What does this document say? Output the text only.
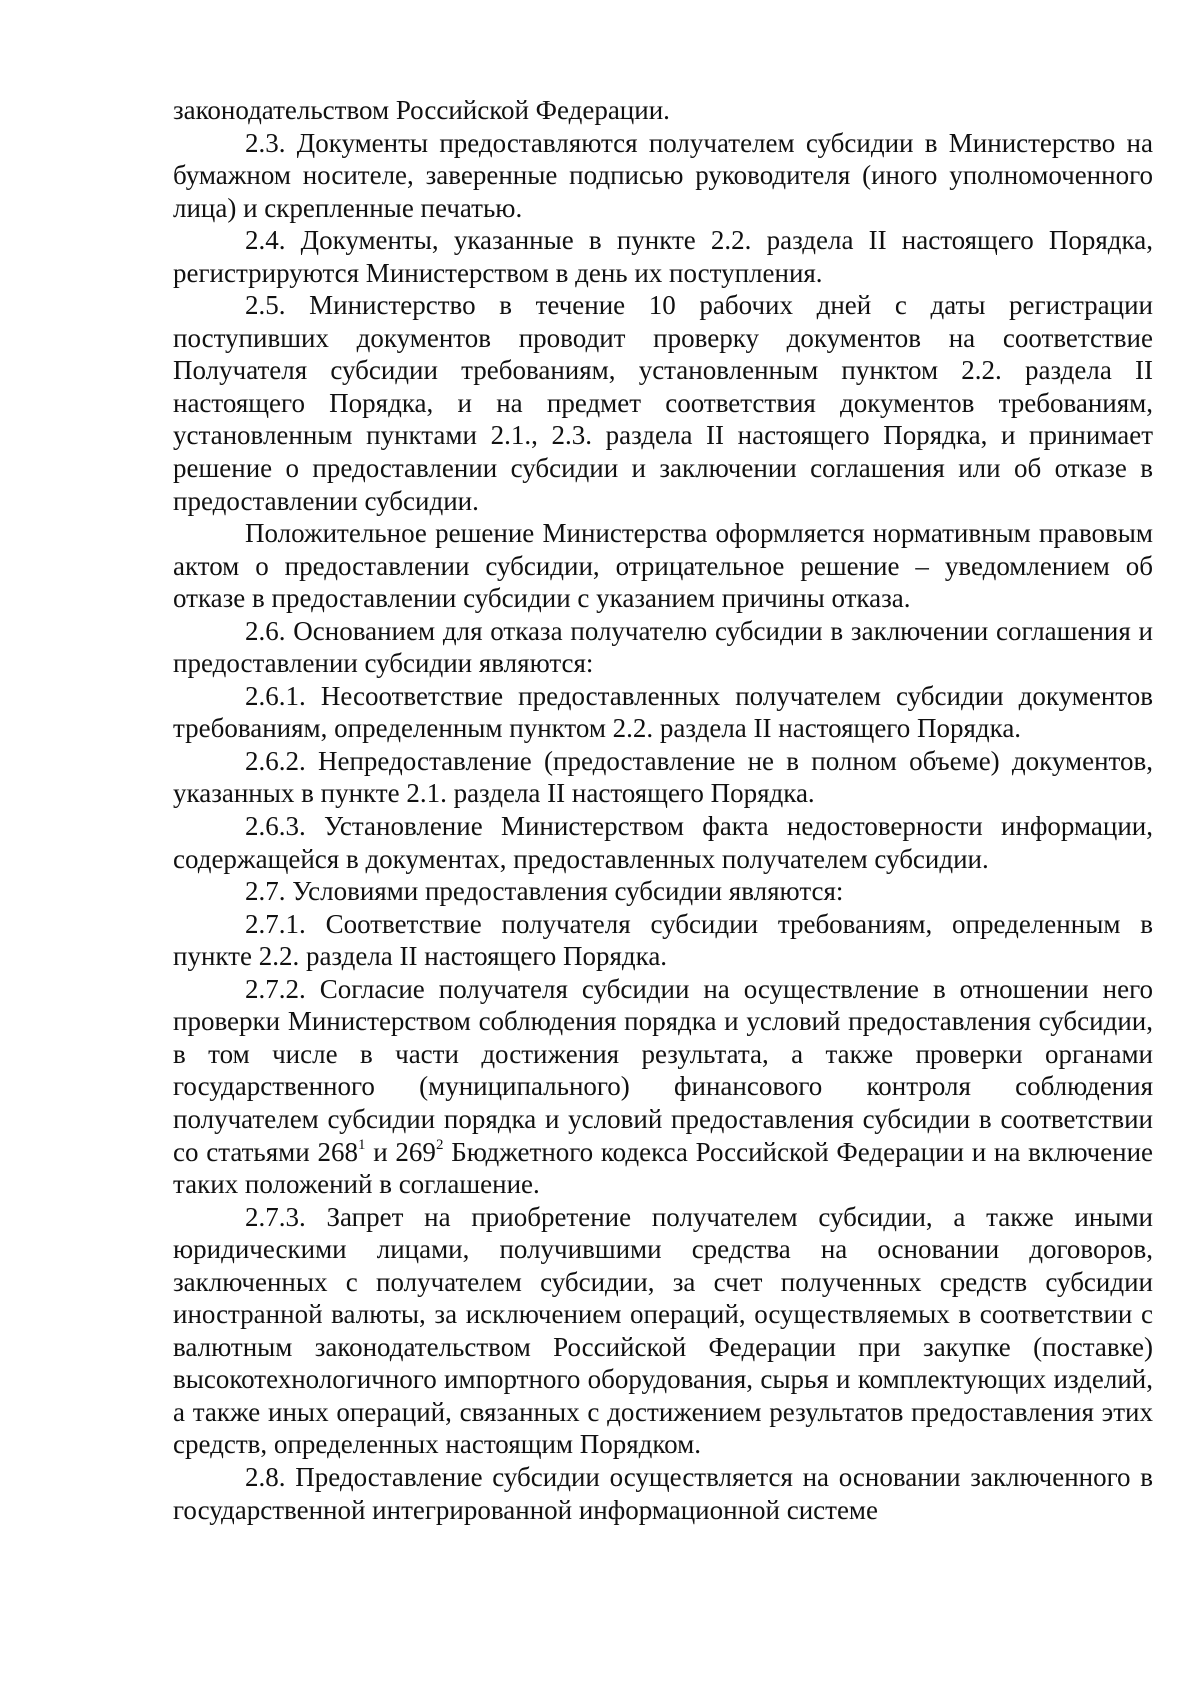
законодательством Российской Федерации.

2.3. Документы предоставляются получателем субсидии в Министерство на бумажном носителе, заверенные подписью руководителя (иного уполномоченного лица) и скрепленные печатью.

2.4. Документы, указанные в пункте 2.2. раздела II настоящего Порядка, регистрируются Министерством в день их поступления.

2.5. Министерство в течение 10 рабочих дней с даты регистрации поступивших документов проводит проверку документов на соответствие Получателя субсидии требованиям, установленным пунктом 2.2. раздела II настоящего Порядка, и на предмет соответствия документов требованиям, установленным пунктами 2.1., 2.3. раздела II настоящего Порядка, и принимает решение о предоставлении субсидии и заключении соглашения или об отказе в предоставлении субсидии.

Положительное решение Министерства оформляется нормативным правовым актом о предоставлении субсидии, отрицательное решение – уведомлением об отказе в предоставлении субсидии с указанием причины отказа.

2.6. Основанием для отказа получателю субсидии в заключении соглашения и предоставлении субсидии являются:

2.6.1. Несоответствие предоставленных получателем субсидии документов требованиям, определенным пунктом 2.2. раздела II настоящего Порядка.

2.6.2. Непредоставление (предоставление не в полном объеме) документов, указанных в пункте 2.1. раздела II настоящего Порядка.

2.6.3. Установление Министерством факта недостоверности информации, содержащейся в документах, предоставленных получателем субсидии.

2.7. Условиями предоставления субсидии являются:

2.7.1. Соответствие получателя субсидии требованиям, определенным в пункте 2.2. раздела II настоящего Порядка.

2.7.2. Согласие получателя субсидии на осуществление в отношении него проверки Министерством соблюдения порядка и условий предоставления субсидии, в том числе в части достижения результата, а также проверки органами государственного (муниципального) финансового контроля соблюдения получателем субсидии порядка и условий предоставления субсидии в соответствии со статьями $268^1$ и $269^2$ Бюджетного кодекса Российской Федерации и на включение таких положений в соглашение.

2.7.3. Запрет на приобретение получателем субсидии, а также иными юридическими лицами, получившими средства на основании договоров, заключенных с получателем субсидии, за счет полученных средств субсидии иностранной валюты, за исключением операций, осуществляемых в соответствии с валютным законодательством Российской Федерации при закупке (поставке) высокотехнологичного импортного оборудования, сырья и комплектующих изделий, а также иных операций, связанных с достижением результатов предоставления этих средств, определенных настоящим Порядком.

2.8. Предоставление субсидии осуществляется на основании заключенного в государственной интегрированной информационной системе
